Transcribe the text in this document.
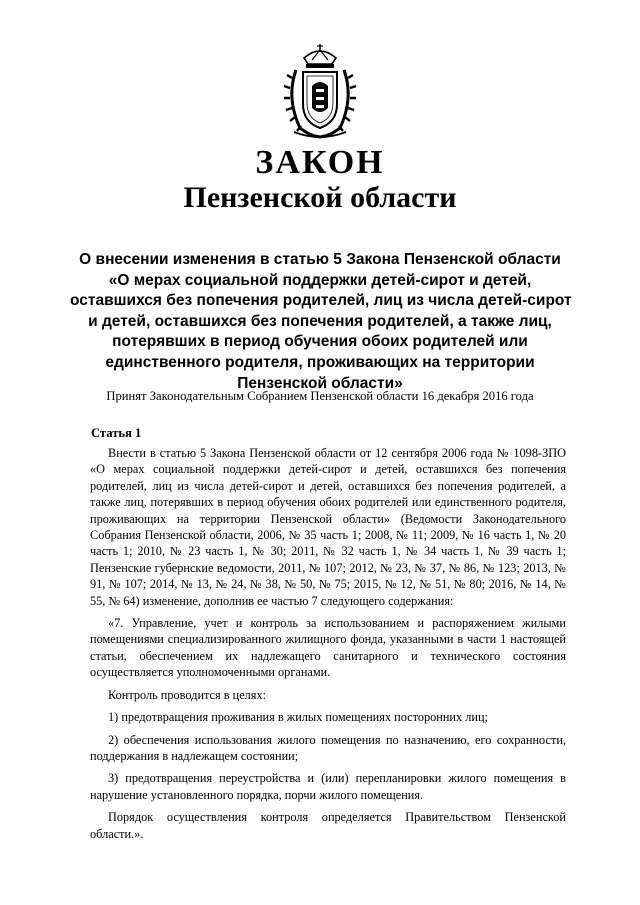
ЗАКОН
Пензенской области
О внесении изменения в статью 5 Закона Пензенской области
«О мерах социальной поддержки детей-сирот и детей,
оставшихся без попечения родителей, лиц из числа детей-сирот
и детей, оставшихся без попечения родителей, а также лиц,
потерявших в период обучения обоих родителей или
единственного родителя, проживающих на территории
Пензенской области»
Принят Законодательным Собранием Пензенской области 16 декабря 2016 года
Статья 1

Внести в статью 5 Закона Пензенской области от 12 сентября 2006 года № 1098-ЗПО «О мерах социальной поддержки детей-сирот и детей, оставшихся без попечения родителей, лиц из числа детей-сирот и детей, оставшихся без попечения родителей, а также лиц, потерявших в период обучения обоих родителей или единственного родителя, проживающих на территории Пензенской области» (Ведомости Законодательного Собрания Пензенской области, 2006, № 35 часть 1; 2008, № 11; 2009, № 16 часть 1, № 20 часть 1; 2010, № 23 часть 1, № 30; 2011, № 32 часть 1, № 34 часть 1, № 39 часть 1; Пензенские губернские ведомости, 2011, № 107; 2012, № 23, № 37, № 86, № 123; 2013, № 91, № 107; 2014, № 13, № 24, № 38, № 50, № 75; 2015, № 12, № 51, № 80; 2016, № 14, № 55, № 64) изменение, дополнив ее частью 7 следующего содержания:

«7. Управление, учет и контроль за использованием и распоряжением жилыми помещениями специализированного жилищного фонда, указанными в части 1 настоящей статьи, обеспечением их надлежащего санитарного и технического состояния осуществляется уполномоченными органами.

Контроль проводится в целях:

1) предотвращения проживания в жилых помещениях посторонних лиц;

2) обеспечения использования жилого помещения по назначению, его сохранности, поддержания в надлежащем состоянии;

3) предотвращения переустройства и (или) перепланировки жилого помещения в нарушение установленного порядка, порчи жилого помещения.

Порядок осуществления контроля определяется Правительством Пензенской области.».
